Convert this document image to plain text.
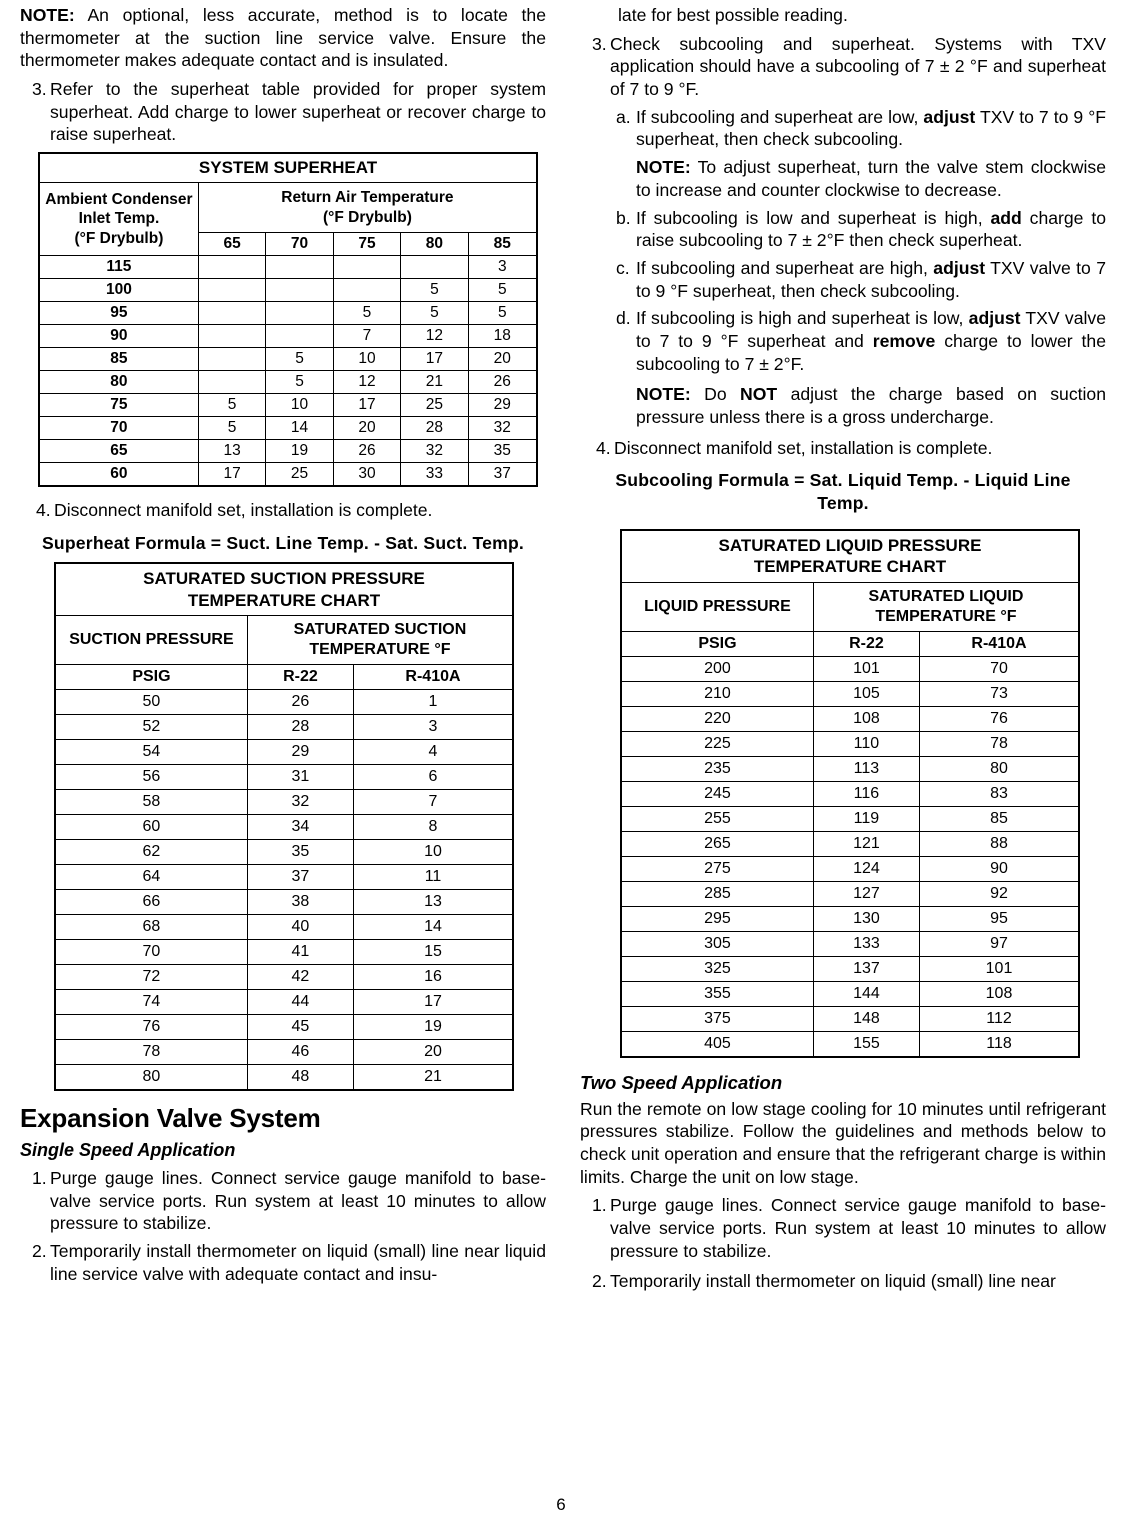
NOTE: An optional, less accurate, method is to locate the thermometer at the suction line service valve. Ensure the thermometer makes adequate contact and is insulated.
3. Refer to the superheat table provided for proper system superheat. Add charge to lower superheat or recover charge to raise superheat.
SYSTEM SUPERHEAT					

Ambient Condenser
Inlet Temp.
(°F Drybulb)

Return Air Temperature
(°F Drybulb)

	65	70	75	80	85
115					3
100				5	5
95			5	5	5
90			7	12	18
85		5	10	17	20
80		5	12	21	26
75	5	10	17	25	29
70	5	14	20	28	32
65	13	19	26	32	35
60	17	25	30	33	37
4. Disconnect manifold set, installation is complete.
Superheat Formula = Suct. Line Temp. - Sat. Suct. Temp.
SATURATED SUCTION PRESSURE
TEMPERATURE CHART		

SUCTION PRESSURE	SATURATED SUCTION
TEMPERATURE °F	

PSIG	R-22	R-410A
50	26	1
52	28	3
54	29	4
56	31	6
58	32	7
60	34	8
62	35	10
64	37	11
66	38	13
68	40	14
70	41	15
72	42	16
74	44	17
76	45	19
78	46	20
80	48	21
Expansion Valve System
Single Speed Application
1. Purge gauge lines. Connect service gauge manifold to base-valve service ports. Run system at least 10 minutes to allow pressure to stabilize.
2. Temporarily install thermometer on liquid (small) line near liquid line service valve with adequate contact and insu-
late for best possible reading.
3. Check subcooling and superheat. Systems with TXV application should have a subcooling of 7 ± 2 °F and superheat of 7 to 9 °F.
a. If subcooling and superheat are low, adjust TXV to 7 to 9 °F superheat, then check subcooling.
NOTE: To adjust superheat, turn the valve stem clockwise to increase and counter clockwise to decrease.
b. If subcooling is low and superheat is high, add charge to raise subcooling to 7 ± 2°F then check superheat.
c. If subcooling and superheat are high, adjust TXV valve to 7 to 9 °F superheat, then check subcooling.
d. If subcooling is high and superheat is low, adjust TXV valve to 7 to 9 °F superheat and remove charge to lower the subcooling to 7 ± 2°F.
NOTE: Do NOT adjust the charge based on suction pressure unless there is a gross undercharge.
4. Disconnect manifold set, installation is complete.
Subcooling Formula = Sat. Liquid Temp. - Liquid Line Temp.
SATURATED LIQUID PRESSURE
TEMPERATURE CHART		

LIQUID PRESSURE	SATURATED LIQUID
TEMPERATURE °F	

PSIG	R-22	R-410A
200	101	70
210	105	73
220	108	76
225	110	78
235	113	80
245	116	83
255	119	85
265	121	88
275	124	90
285	127	92
295	130	95
305	133	97
325	137	101
355	144	108
375	148	112
405	155	118
Two Speed Application
Run the remote on low stage cooling for 10 minutes until refrigerant pressures stabilize. Follow the guidelines and methods below to check unit operation and ensure that the refrigerant charge is within limits. Charge the unit on low stage.
1. Purge gauge lines. Connect service gauge manifold to base-valve service ports. Run system at least 10 minutes to allow pressure to stabilize.
2. Temporarily install thermometer on liquid (small) line near
6
